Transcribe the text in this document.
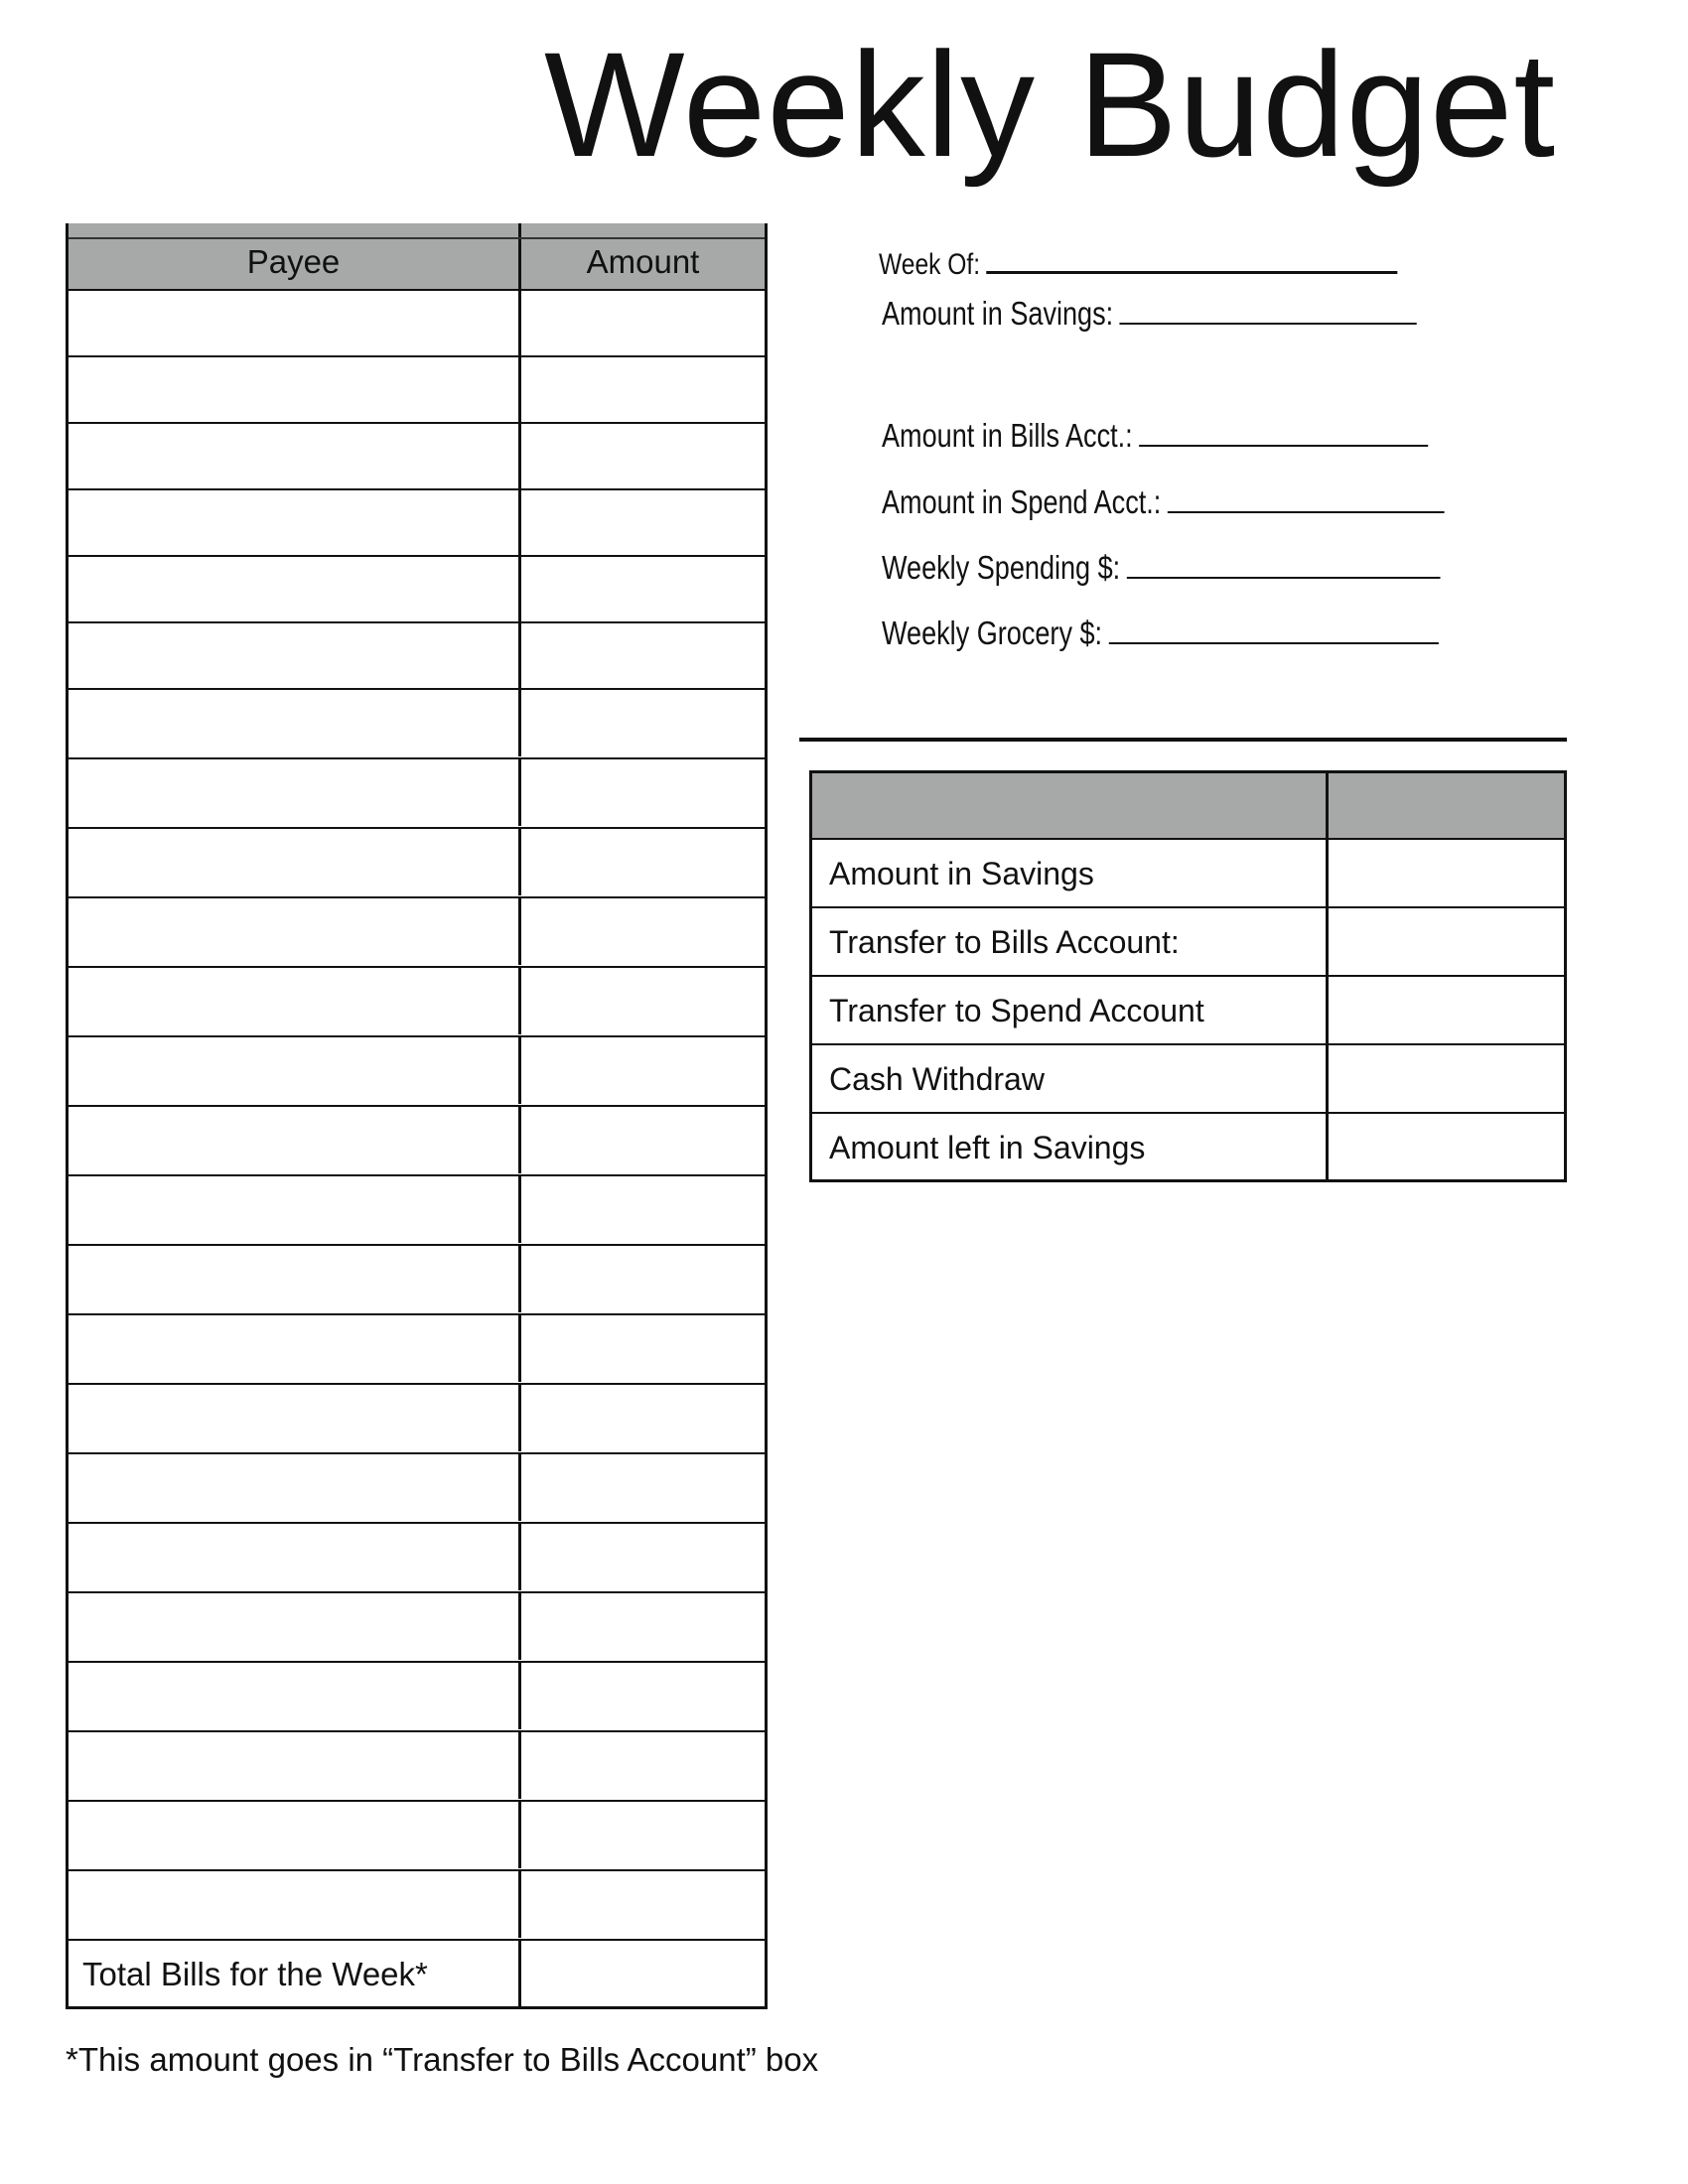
Weekly Budget
Payee	Amount
Total Bills for the Week*
*This amount goes in “Transfer to Bills Account” box
Week Of:
Amount in Savings:
Amount in Bills Acct.:
Amount in Spend Acct.:
Weekly Spending $:
Weekly Grocery $:
Amount in Savings
Transfer to Bills Account:
Transfer to Spend Account
Cash Withdraw
Amount left in Savings
